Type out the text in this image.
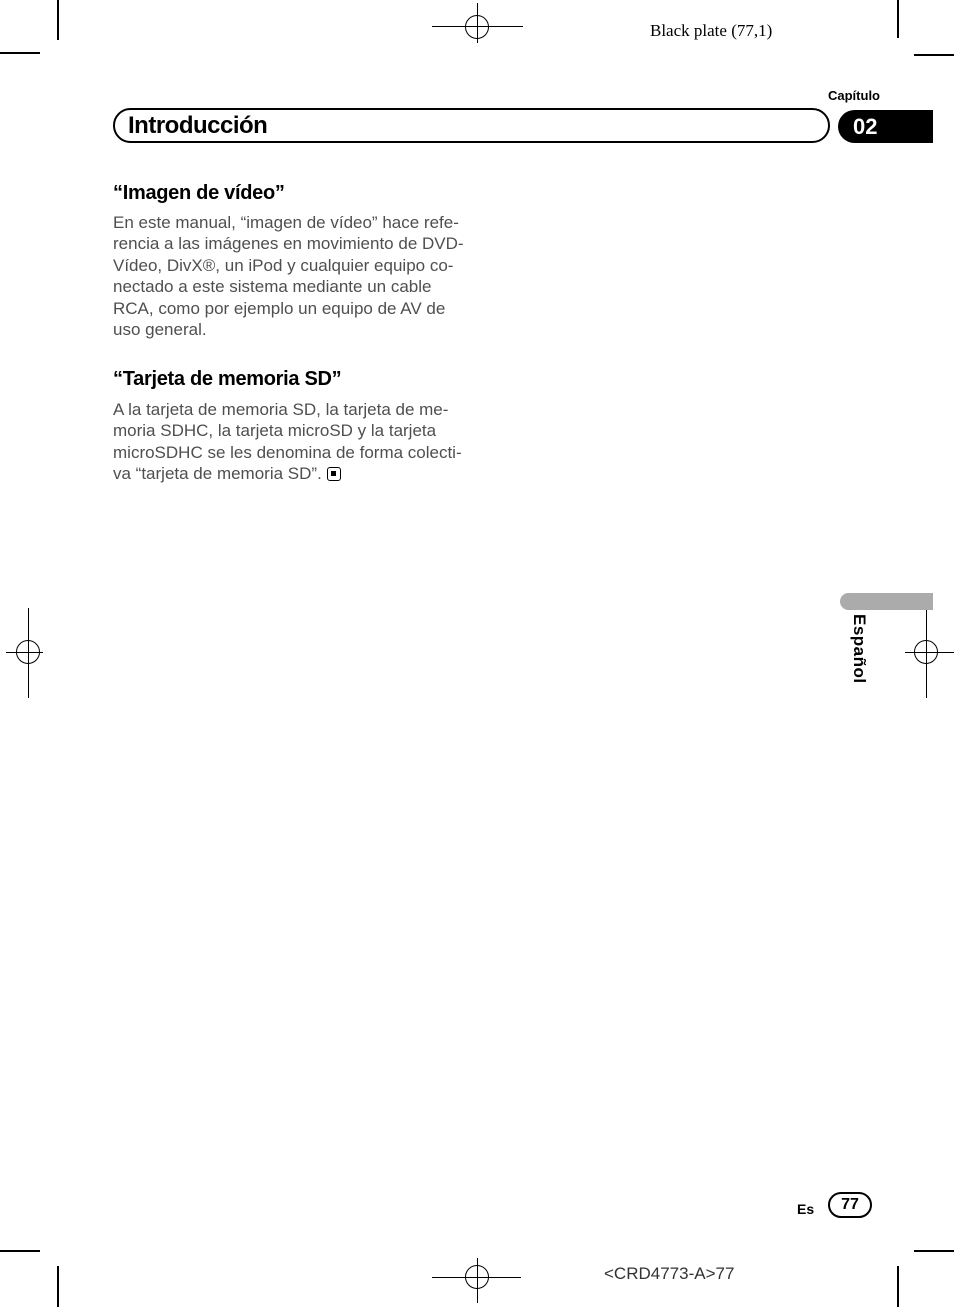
Black plate (77,1)
Capítulo
Introducción	02
“Imagen de vídeo”
En este manual, “imagen de vídeo” hace refe-
rencia a las imágenes en movimiento de DVD-
Vídeo, DivX®, un iPod y cualquier equipo co-
nectado a este sistema mediante un cable
RCA, como por ejemplo un equipo de AV de
uso general.
“Tarjeta de memoria SD”
A la tarjeta de memoria SD, la tarjeta de me-
moria SDHC, la tarjeta microSD y la tarjeta
microSDHC se les denomina de forma colecti-
va “tarjeta de memoria SD”.
Español
Es 77
<CRD4773-A>77
